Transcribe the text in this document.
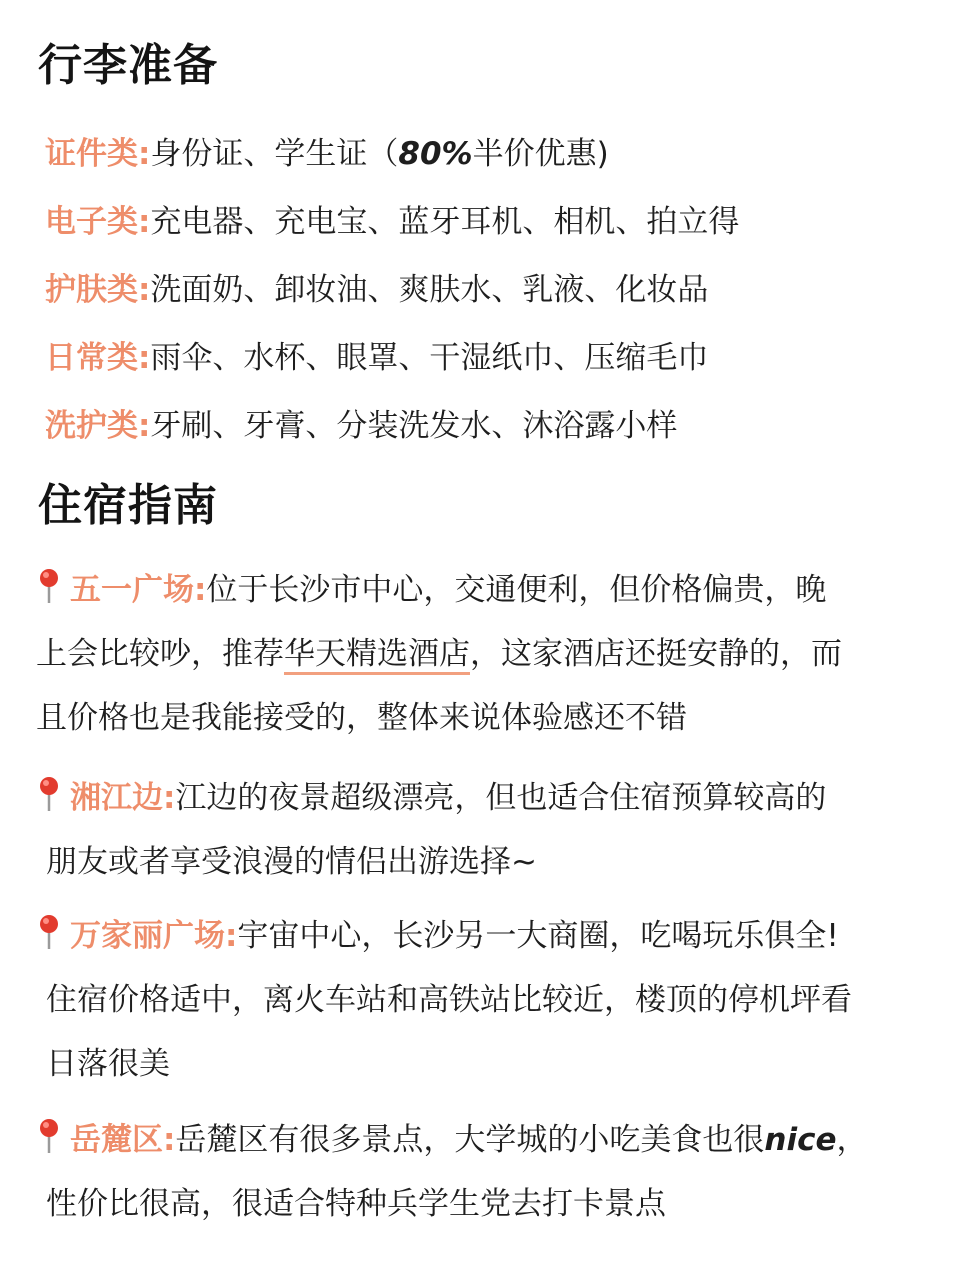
行李准备
证件类:身份证、学生证（80%半价优惠)
电子类:充电器、充电宝、蓝牙耳机、相机、拍立得
护肤类:洗面奶、卸妆油、爽肤水、乳液、化妆品
日常类:雨伞、水杯、眼罩、干湿纸巾、压缩毛巾
洗护类:牙刷、牙膏、分装洗发水、沐浴露小样
住宿指南
五一广场:位于长沙市中心，交通便利，但价格偏贵，晚
上会比较吵，推荐华天精选酒店，这家酒店还挺安静的，而
且价格也是我能接受的，整体来说体验感还不错
湘江边:江边的夜景超级漂亮，但也适合住宿预算较高的
朋友或者享受浪漫的情侣出游选择~
万家丽广场:宇宙中心，长沙另一大商圈，吃喝玩乐俱全!
住宿价格适中，离火车站和高铁站比较近，楼顶的停机坪看
日落很美
岳麓区:岳麓区有很多景点，大学城的小吃美食也很nice，
性价比很高，很适合特种兵学生党去打卡景点
